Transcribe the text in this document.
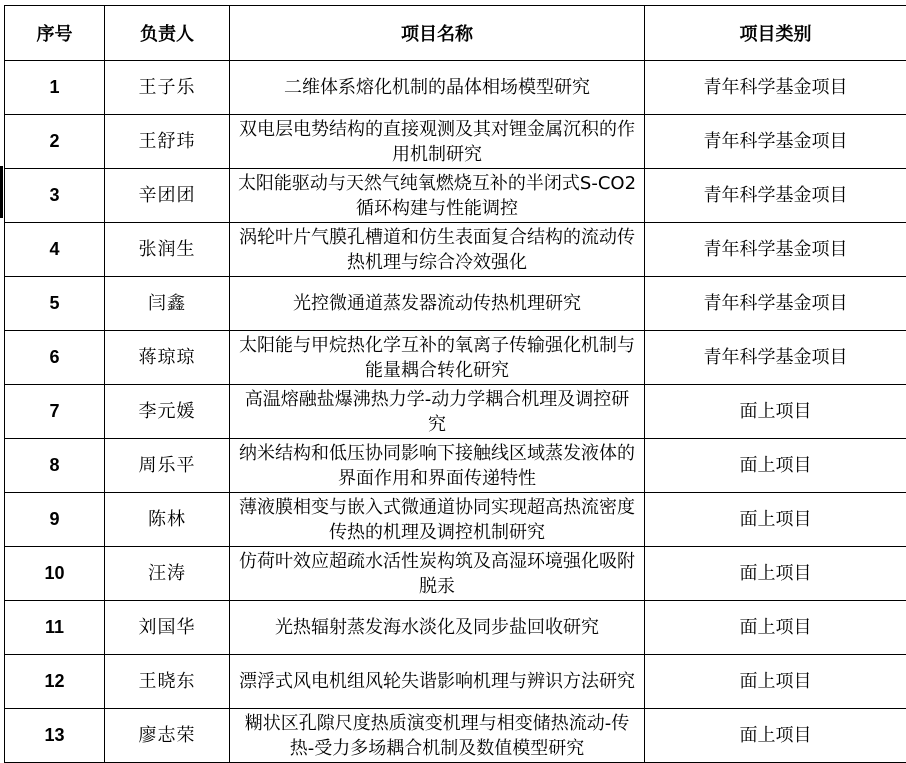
序号	负责人	项目名称	项目类别
1	王子乐	二维体系熔化机制的晶体相场模型研究	青年科学基金项目
2	王舒玮	双电层电势结构的直接观测及其对锂金属沉积的作用机制研究	青年科学基金项目
3	辛团团	太阳能驱动与天然气纯氧燃烧互补的半闭式S-CO2循环构建与性能调控	青年科学基金项目
4	张润生	涡轮叶片气膜孔槽道和仿生表面复合结构的流动传热机理与综合冷效强化	青年科学基金项目
5	闫鑫	光控微通道蒸发器流动传热机理研究	青年科学基金项目
6	蒋琼琼	太阳能与甲烷热化学互补的氧离子传输强化机制与能量耦合转化研究	青年科学基金项目
7	李元媛	高温熔融盐爆沸热力学-动力学耦合机理及调控研究	面上项目
8	周乐平	纳米结构和低压协同影响下接触线区域蒸发液体的界面作用和界面传递特性	面上项目
9	陈林	薄液膜相变与嵌入式微通道协同实现超高热流密度传热的机理及调控机制研究	面上项目
10	汪涛	仿荷叶效应超疏水活性炭构筑及高湿环境强化吸附脱汞	面上项目
11	刘国华	光热辐射蒸发海水淡化及同步盐回收研究	面上项目
12	王晓东	漂浮式风电机组风轮失谐影响机理与辨识方法研究	面上项目
13	廖志荣	糊状区孔隙尺度热质演变机理与相变储热流动-传热-受力多场耦合机制及数值模型研究	面上项目
